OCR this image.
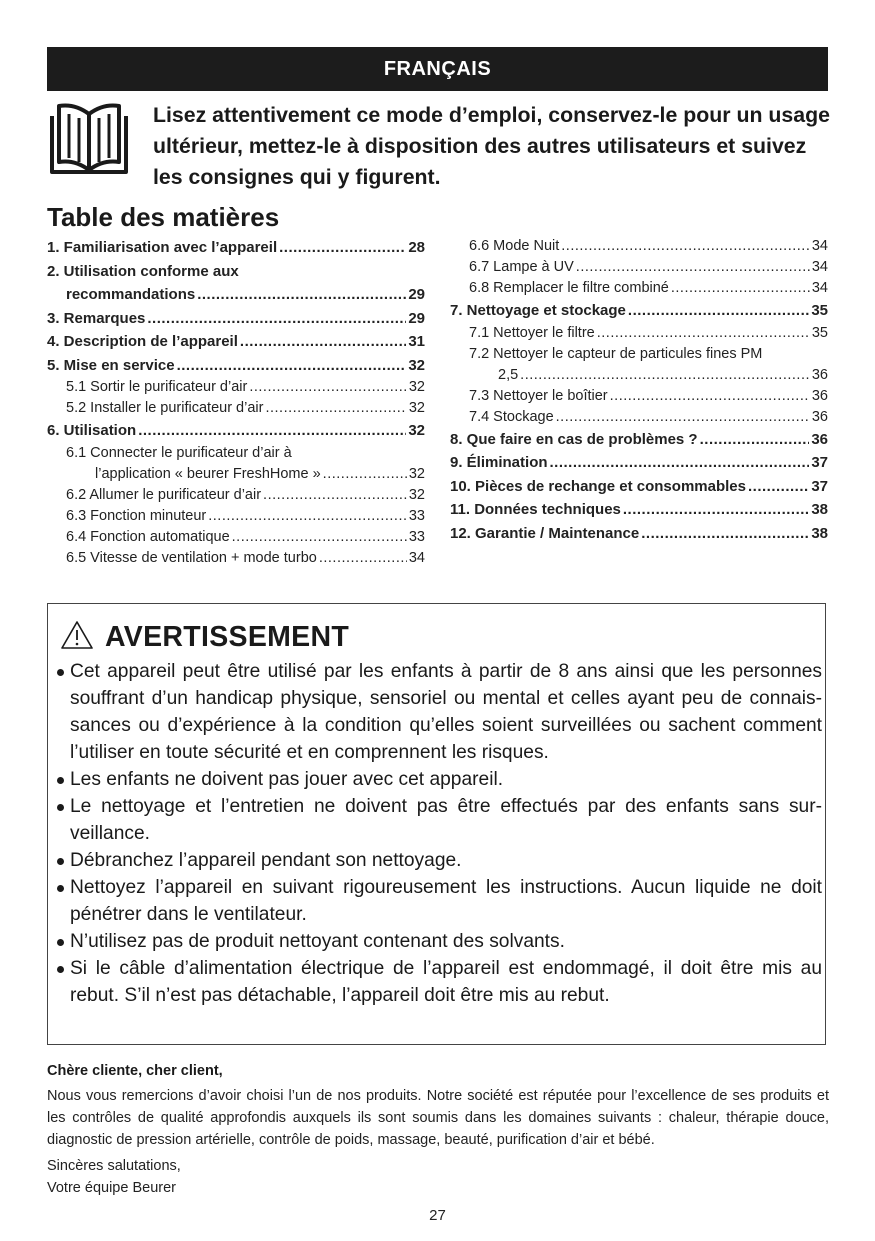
FRANÇAIS
Lisez attentivement ce mode d’emploi, conservez-le pour un usage ultérieur, mettez-le à disposition des autres utilisateurs et suivez les consignes qui y figurent.
Table des matières
1. Familiarisation avec l’appareil .....	28
2. Utilisation conforme aux
recommandations .....	29
3. Remarques .....	29
4. Description de l’appareil .....	31
5. Mise en service .....	32
5.1 Sortir le purificateur d’air .....	32
5.2 Installer le purificateur d’air .....	32
6. Utilisation .....	32
6.1 Connecter le purificateur d’air à
l’application « beurer FreshHome » .....	32
6.2 Allumer le purificateur d’air .....	32
6.3 Fonction minuteur .....	33
6.4 Fonction automatique .....	33
6.5 Vitesse de ventilation + mode turbo .....	34
6.6 Mode Nuit .....	34
6.7 Lampe à UV .....	34
6.8 Remplacer le filtre combiné .....	34
7. Nettoyage et stockage .....	35
7.1 Nettoyer le filtre .....	35
7.2 Nettoyer le capteur de particules fines PM
2,5 .....	36
7.3 Nettoyer le boîtier .....	36
7.4 Stockage .....	36
8. Que faire en cas de problèmes ? .....	36
9. Élimination .....	37
10. Pièces de rechange et consommables .....	37
11. Données techniques .....	38
12. Garantie / Maintenance .....	38
AVERTISSEMENT
Cet appareil peut être utilisé par les enfants à partir de 8 ans ainsi que les personnes souffrant d’un handicap physique, sensoriel ou mental et celles ayant peu de connais-sances ou d’expérience à la condition qu’elles soient surveillées ou sachent comment l’utiliser en toute sécurité et en comprennent les risques.
Les enfants ne doivent pas jouer avec cet appareil.
Le nettoyage et l’entretien ne doivent pas être effectués par des enfants sans sur-veillance.
Débranchez l’appareil pendant son nettoyage.
Nettoyez l’appareil en suivant rigoureusement les instructions. Aucun liquide ne doit pénétrer dans le ventilateur.
N’utilisez pas de produit nettoyant contenant des solvants.
Si le câble d’alimentation électrique de l’appareil est endommagé, il doit être mis au rebut. S’il n’est pas détachable, l’appareil doit être mis au rebut.
Chère cliente, cher client,
Nous vous remercions d’avoir choisi l’un de nos produits. Notre société est réputée pour l’excellence de ses produits et les contrôles de qualité approfondis auxquels ils sont soumis dans les domaines suivants : chaleur, thérapie douce, diagnostic de pression artérielle, contrôle de poids, massage, beauté, purification d’air et bébé.
Sincères salutations,
Votre équipe Beurer
27
